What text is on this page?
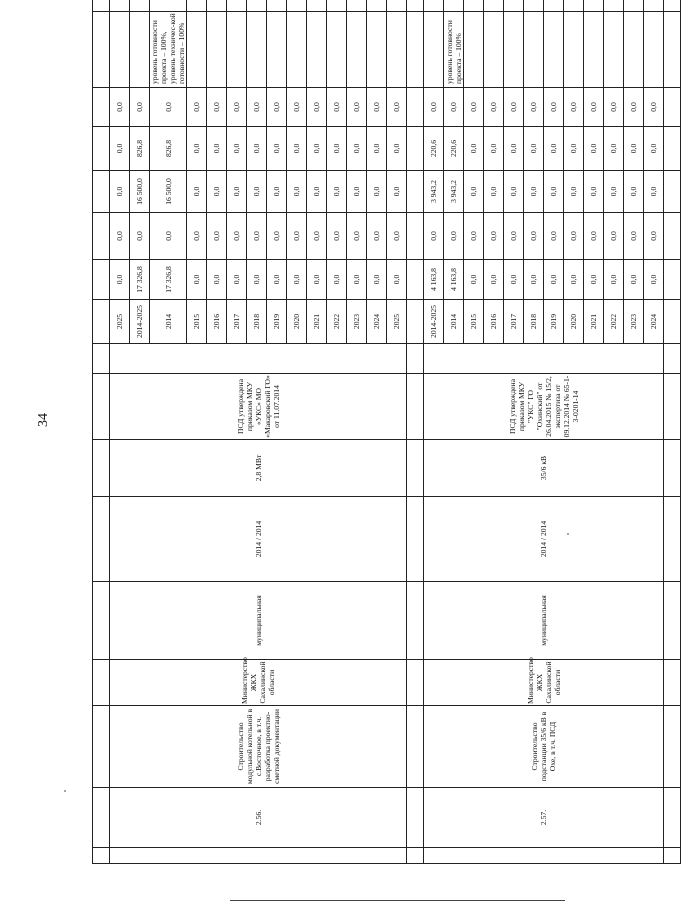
34

	2.56.	Строительство модульной котельной в с.Восточное, в т.ч. разработка проектно-сметной документации	Министерство ЖКХ Сахалинской области	муниципальная	2014 / 2014	2,8 МВт	ПСД утверждена приказом МКУ «УКС» МО «Макаровский ГО» от 11.07.2014		2025	0,0	0,0	0,0	0,0	0,0		
									2014-2025	17 326,8	0,0	16 500,0	826,8	0,0		
									2014	17 326,8	0,0	16 500,0	826,8	0,0	уровень готовности проекта – 100%, уровень техничес-кой готовности – 100%	
									2015	0,0	0,0	0,0	0,0	0,0		
									2016	0,0	0,0	0,0	0,0	0,0		
									2017	0,0	0,0	0,0	0,0	0,0		
									2018	0,0	0,0	0,0	0,0	0,0		
									2019	0,0	0,0	0,0	0,0	0,0		
									2020	0,0	0,0	0,0	0,0	0,0		
									2021	0,0	0,0	0,0	0,0	0,0		
									2022	0,0	0,0	0,0	0,0	0,0		
									2023	0,0	0,0	0,0	0,0	0,0		
									2024	0,0	0,0	0,0	0,0	0,0		
									2025	0,0	0,0	0,0	0,0	0,0		

	2.57.	Строительство подстанции 35/6 кВ в Охе, в т.ч. ПСД	Министерство ЖКХ Сахалинской области	муниципальная	2014 / 2014	35/6 кВ	ПСД утверждена приказом МКУ "УКС" ГО "Охинский" от 26.04.2015 № 15/2, экспертиза от 09.12.2014 № 65-1-3-0201-14		2014-2025	4 163,8	0,0	3 943,2	220,6	0,0		
									2014	4 163,8	0,0	3 943,2	220,6	0,0	уровень готовности проекта – 100%	
									2015	0,0	0,0	0,0	0,0	0,0		
									2016	0,0	0,0	0,0	0,0	0,0		
									2017	0,0	0,0	0,0	0,0	0,0		
									2018	0,0	0,0	0,0	0,0	0,0		
									2019	0,0	0,0	0,0	0,0	0,0		
									2020	0,0	0,0	0,0	0,0	0,0		
									2021	0,0	0,0	0,0	0,0	0,0		
									2022	0,0	0,0	0,0	0,0	0,0		
									2023	0,0	0,0	0,0	0,0	0,0		
									2024	0,0	0,0	0,0	0,0	0,0		
